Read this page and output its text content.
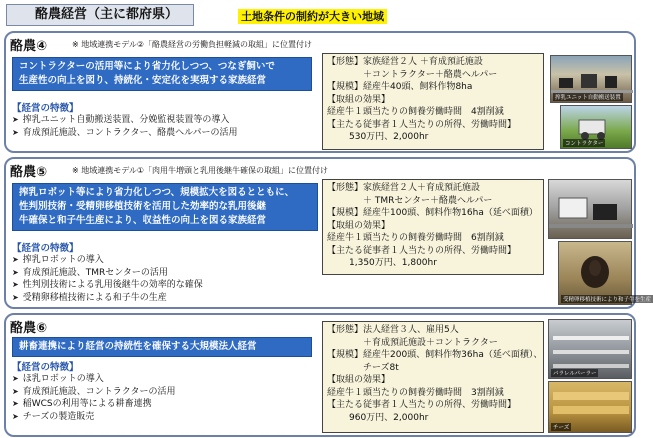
酪農経営（主に都府県）	土地条件の制約が大きい地域
酪農④	※ 地域連携モデル②「酪農経営の労働負担軽減の取組」に位置付け
コントラクターの活用等により省力化しつつ、つなぎ飼いで
生産性の向上を図り、持続化・安定化を実現する家族経営
【経営の特徴】
➤ 搾乳ユニット自動搬送装置、分娩監視装置等の導入
➤ 育成預託施設、コントラクター、酪農ヘルパーの活用
【形態】家族経営２人 ＋育成預託施設
＋コントラクター＋酪農ヘルパー
【規模】経産牛40頭、飼料作物8ha
【取組の効果】
経産牛１頭当たりの飼養労働時間　4割削減
【主たる従事者１人当たりの所得、労働時間】
530万円、2,000hr
搾乳ユニット自動搬送装置
コントラクター
酪農⑤	※ 地域連携モデル①「肉用牛増頭と乳用後継牛確保の取組」に位置付け
搾乳ロボット等により省力化しつつ、規模拡大を図るとともに、
性判別技術・受精卵移植技術を活用した効率的な乳用後継
牛確保と和子牛生産により、収益性の向上を図る家族経営
【経営の特徴】
➤ 搾乳ロボットの導入
➤ 育成預託施設、TMRセンターの活用
➤ 性判別技術による乳用後継牛の効率的な確保
➤ 受精卵移植技術による和子牛の生産
【形態】家族経営２人＋育成預託施設
＋ TMRセンター＋酪農ヘルパー
【規模】経産牛100頭、飼料作物16ha（延べ面積）
【取組の効果】
経産牛１頭当たりの飼養労働時間　6割削減
【主たる従事者１人当たりの所得、労働時間】
1,350万円、1,800hr
受精卵移植技術により和子牛を生産
酪農⑥
耕畜連携により経営の持続性を確保する大規模法人経営
【経営の特徴】
➤ ほ乳ロボットの導入
➤ 育成預託施設、コントラクターの活用
➤ 稲WCSの利用等による耕畜連携
➤ チーズの製造販売
【形態】法人経営３人、雇用5人
＋育成預託施設＋コントラクター
【規模】経産牛200頭、飼料作物36ha（延べ面積）、
チーズ8t
【取組の効果】
経産牛１頭当たりの飼養労働時間　3割削減
【主たる従事者１人当たりの所得、労働時間】
960万円、2,000hr
パラレルパーラー
チーズ
